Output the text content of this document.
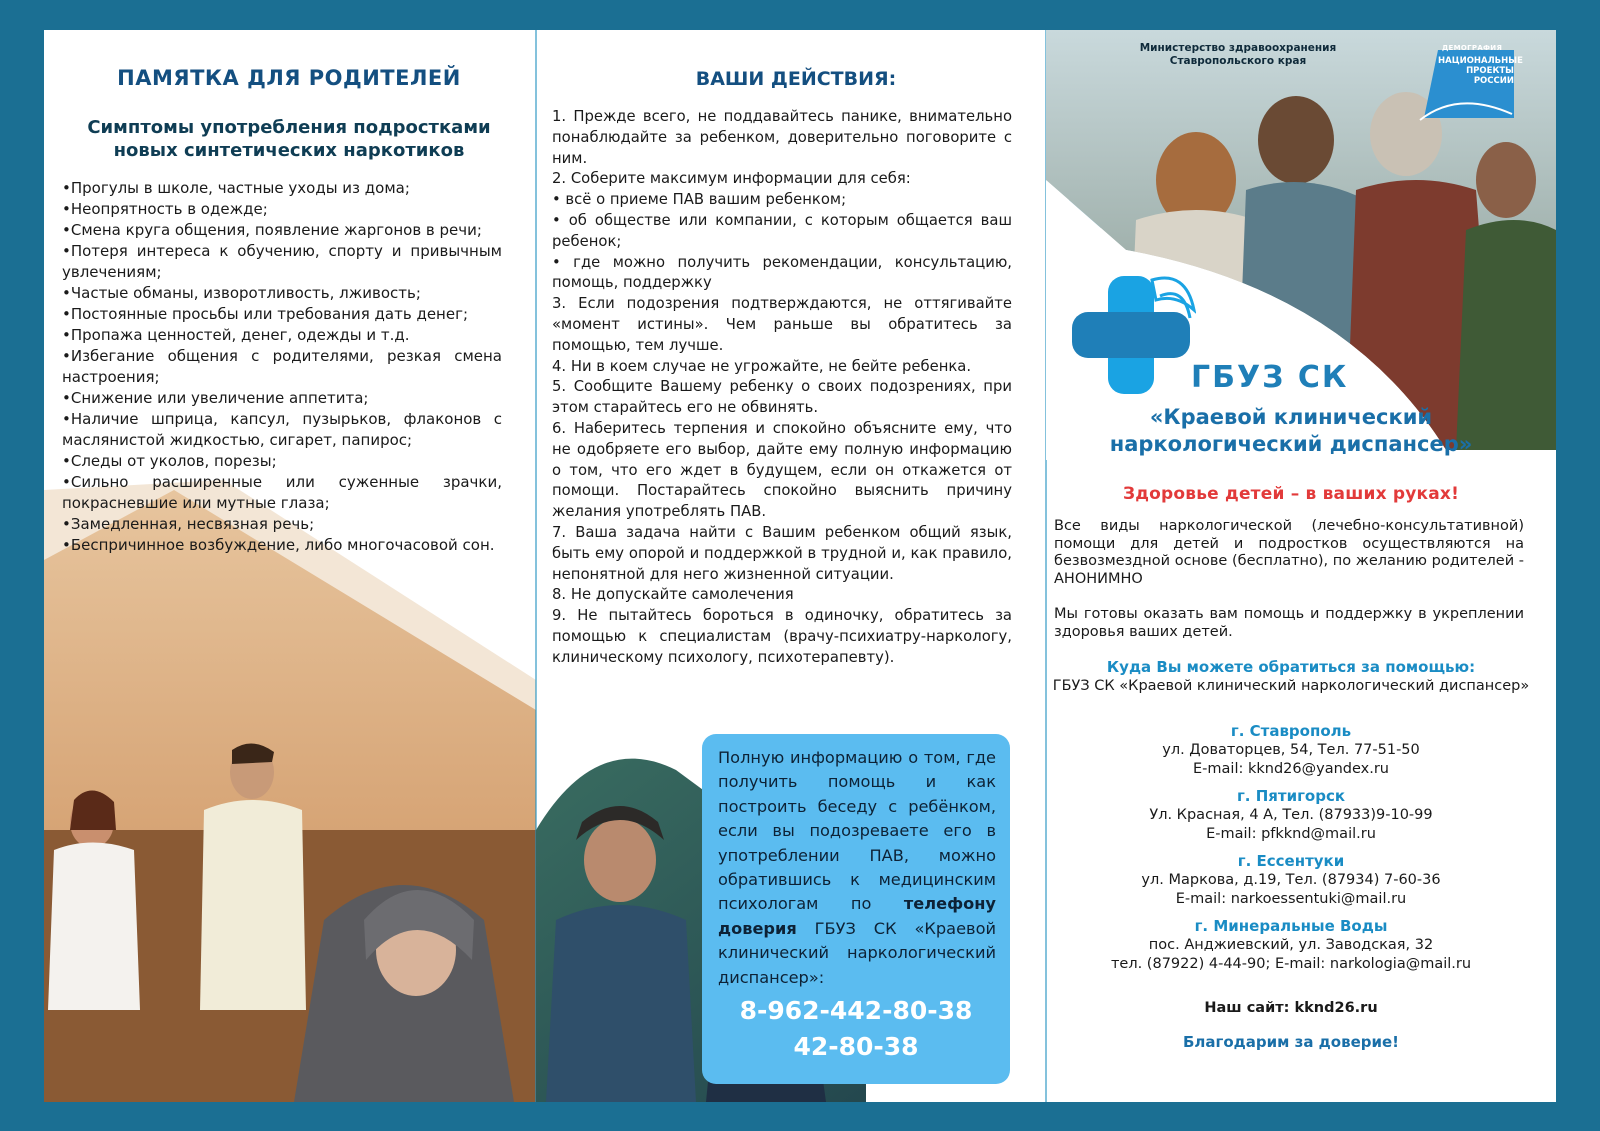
ПАМЯТКА ДЛЯ РОДИТЕЛЕЙ
Симптомы употребления подростками
новых синтетических наркотиков
•Прогулы в школе, частные уходы из дома;
•Неопрятность в одежде;
•Смена круга общения, появление жаргонов в речи;
•Потеря интереса к обучению, спорту и привычным увлечениям;
•Частые обманы, изворотливость, лживость;
•Постоянные просьбы или требования дать денег;
•Пропажа ценностей, денег, одежды и т.д.
•Избегание общения с родителями, резкая смена настроения;
•Снижение или увеличение аппетита;
•Наличие шприца, капсул, пузырьков, флаконов с маслянистой жидкостью, сигарет, папирос;
•Следы от уколов, порезы;
•Сильно расширенные или суженные зрачки, покрасневшие или мутные глаза;
•Замедленная, несвязная речь;
•Беспричинное возбуждение, либо многочасовой сон.
ВАШИ ДЕЙСТВИЯ:
1. Прежде всего, не поддавайтесь панике, внимательно понаблюдайте за ребенком, доверительно поговорите с ним.
2. Соберите максимум информации для себя:
• всё о приеме ПАВ вашим ребенком;
• об обществе или компании, с которым общается ваш ребенок;
• где можно получить рекомендации, консультацию, помощь, поддержку
3. Если подозрения подтверждаются, не оттягивайте «момент истины». Чем раньше вы обратитесь за помощью, тем лучше.
4. Ни в коем случае не угрожайте, не бейте ребенка.
5. Сообщите Вашему ребенку о своих подозрениях, при этом старайтесь его не обвинять.
6. Наберитесь терпения и спокойно объясните ему, что не одобряете его выбор, дайте ему полную информацию о том, что его ждет в будущем, если он откажется от помощи. Постарайтесь спокойно выяснить причину желания употреблять ПАВ.
7. Ваша задача найти с Вашим ребенком общий язык, быть ему опорой и поддержкой в трудной и, как правило, непонятной для него жизненной ситуации.
8. Не допускайте самолечения
9. Не пытайтесь бороться в одиночку, обратитесь за помощью к специалистам (врачу-психиатру-наркологу, клиническому психологу, психотерапевту).
Полную информацию о том, где получить помощь и как построить беседу с ребёнком, если вы подозреваете его в употреблении ПАВ, можно обратившись к медицинским психологам по телефону доверия ГБУЗ СК «Краевой клинический наркологический диспансер»:
8-962-442-80-38
42-80-38
Министерство здравоохранения Ставропольского края
ДЕМОГРАФИЯ
НАЦИОНАЛЬНЫЕ ПРОЕКТЫ РОССИИ
ГБУЗ СК
«Краевой клинический
наркологический диспансер»
Здоровье детей – в ваших руках!
Все виды наркологической (лечебно-консультативной) помощи для детей и подростков осуществляются на безвозмездной основе (бесплатно), по желанию родителей - АНОНИМНО
Мы готовы оказать вам помощь и поддержку в укреплении здоровья ваших детей.
Куда Вы можете обратиться за помощью:
ГБУЗ СК «Краевой клинический наркологический диспансер»
г. Ставрополь
ул. Доваторцев, 54, Тел. 77-51-50
E-mail: kknd26@yandex.ru
г. Пятигорск
Ул. Красная, 4 А, Тел. (87933)9-10-99
E-mail: pfkknd@mail.ru
г. Ессентуки
ул. Маркова, д.19, Тел. (87934) 7-60-36
E-mail: narkoessentuki@mail.ru
г. Минеральные Воды
пос. Анджиевский, ул. Заводская, 32
тел. (87922) 4-44-90; E-mail: narkologia@mail.ru
Наш сайт: kknd26.ru
Благодарим за доверие!
